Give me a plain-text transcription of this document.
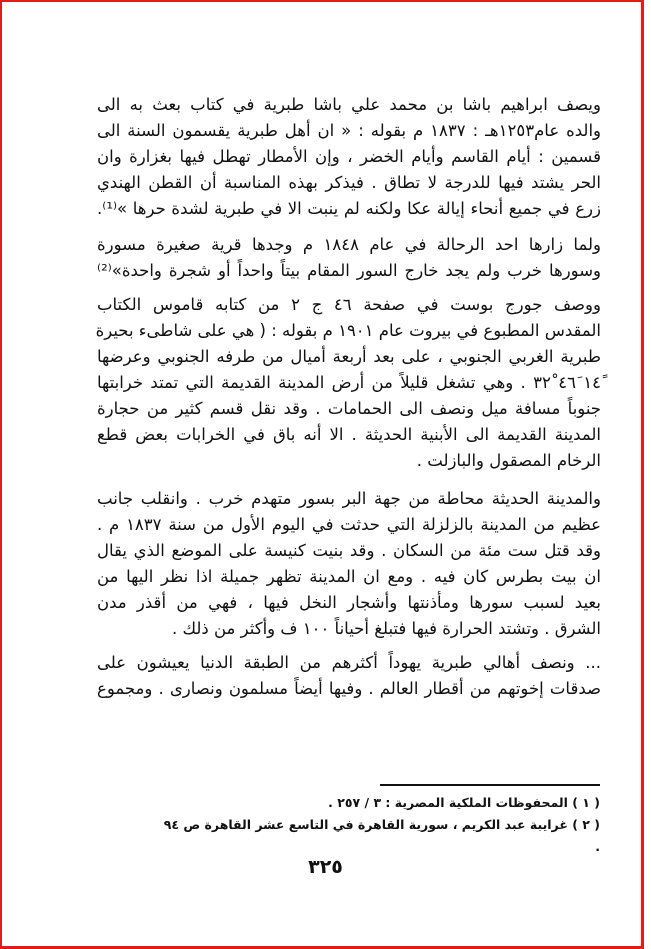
ويصف ابراهيم باشا بن محمد علي باشا طبرية في كتاب بعث به الى
والده عام١٢٥٣هـ : ١٨٣٧ م بقوله : « ان أهل طبرية يقسمون السنة الى
قسمين : أيام القاسم وأيام الخضر ، وإن الأمطار تهطل فيها بغزارة وان
الحر يشتد فيها للدرجة لا تطاق . فيذكر بهذه المناسبة أن القطن الهندي
زرع في جميع أنحاء إيالة عكا ولكنه لم ينبت الا في طبرية لشدة حرها »⁽¹⁾.
ولما زارها احد الرحالة في عام ١٨٤٨ م وجدها قرية صغيرة مسورة
وسورها خرب ولم يجد خارج السور المقام بيتاً واحداً أو شجرة واحدة»⁽²⁾
ووصف جورج بوست في صفحة ٤٦ ج ٢ من كتابه قاموس الكتاب
المقدس المطبوع في بيروت عام ١٩٠١ م بقوله : ( هي على شاطىء بحيرة
طبرية الغربي الجنوبي ، على بعد أربعة أميال من طرفه الجنوبي وعرضها
١٤ً ٤٦َ ٣٢ْ . وهي تشغل قليلاً من أرض المدينة القديمة التي تمتد خرابتها
جنوباً مسافة ميل ونصف الى الحمامات . وقد نقل قسم كثير من حجارة
المدينة القديمة الى الأبنية الحديثة . الا أنه باق في الخرابات بعض قطع
الرخام المصقول والبازلت .
والمدينة الحديثة محاطة من جهة البر بسور متهدم خرب . وانقلب جانب
عظيم من المدينة بالزلزلة التي حدثت في اليوم الأول من سنة ١٨٣٧ م .
وقد قتل ست مئة من السكان . وقد بنيت كنيسة على الموضع الذي يقال
ان بيت بطرس كان فيه . ومع ان المدينة تظهر جميلة اذا نظر اليها من
بعيد لسبب سورها ومأذنتها وأشجار النخل فيها ، فهي من أقذر مدن
الشرق . وتشتد الحرارة فيها فتبلغ أحياناً ١٠٠ ف وأكثر من ذلك .
... ونصف أهالي طبرية يهوداً أكثرهم من الطبقة الدنيا يعيشون على
صدقات إخوتهم من أقطار العالم . وفيها أيضاً مسلمون ونصارى . ومجموع
( ١ ) المحفوظات الملكية المصرية : ٣ / ٢٥٧ .
( ٢ ) غرايبة عبد الكريم ، سورية القاهرة في التاسع عشر القاهرة ص ٩٤ .
٣٢٥
